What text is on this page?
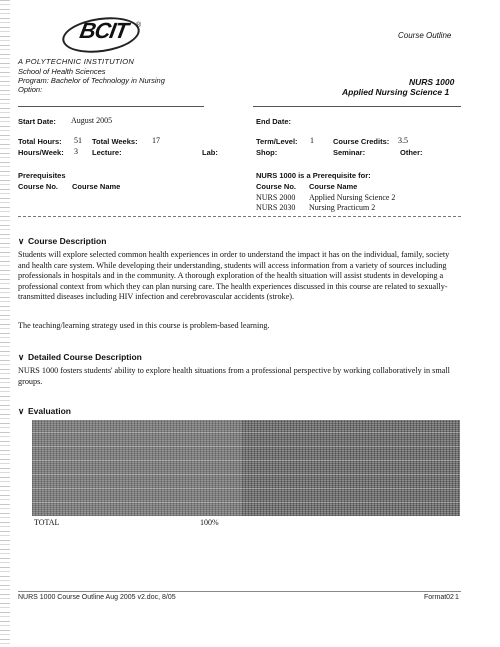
BCIT ®
Course Outline
A POLYTECHNIC INSTITUTION
School of Health Sciences
Program: Bachelor of Technology in Nursing
Option:
NURS 1000
Applied Nursing Science 1
Start Date: August 2005	End Date:
Total Hours: 51 Total Weeks: 17	Term/Level: 1	Course Credits: 3.5
Hours/Week: 3 Lecture:	Lab:	Shop:	Seminar:	Other:
Prerequisites
Course No. Course Name
NURS 1000 is a Prerequisite for:
Course No. Course Name
NURS 2000 Applied Nursing Science 2
NURS 2030 Nursing Practicum 2
∨ Course Description
Students will explore selected common health experiences in order to understand the impact it has on the individual, family, society and health care system. While developing their understanding, students will access information from a variety of sources including professionals in hospitals and in the community. A thorough exploration of the health situation will assist students in developing a professional context from which they can plan nursing care. The health experiences discussed in this course are related to sexually-transmitted diseases including HIV infection and cerebrovascular accidents (stroke).
The teaching/learning strategy used in this course is problem-based learning.
∨ Detailed Course Description
NURS 1000 fosters students' ability to explore health situations from a professional perspective by working collaboratively in small groups.
∨ Evaluation
TOTAL	100%
NURS 1000 Course Outline Aug 2005 v2.doc, 8/05	Format02 1
